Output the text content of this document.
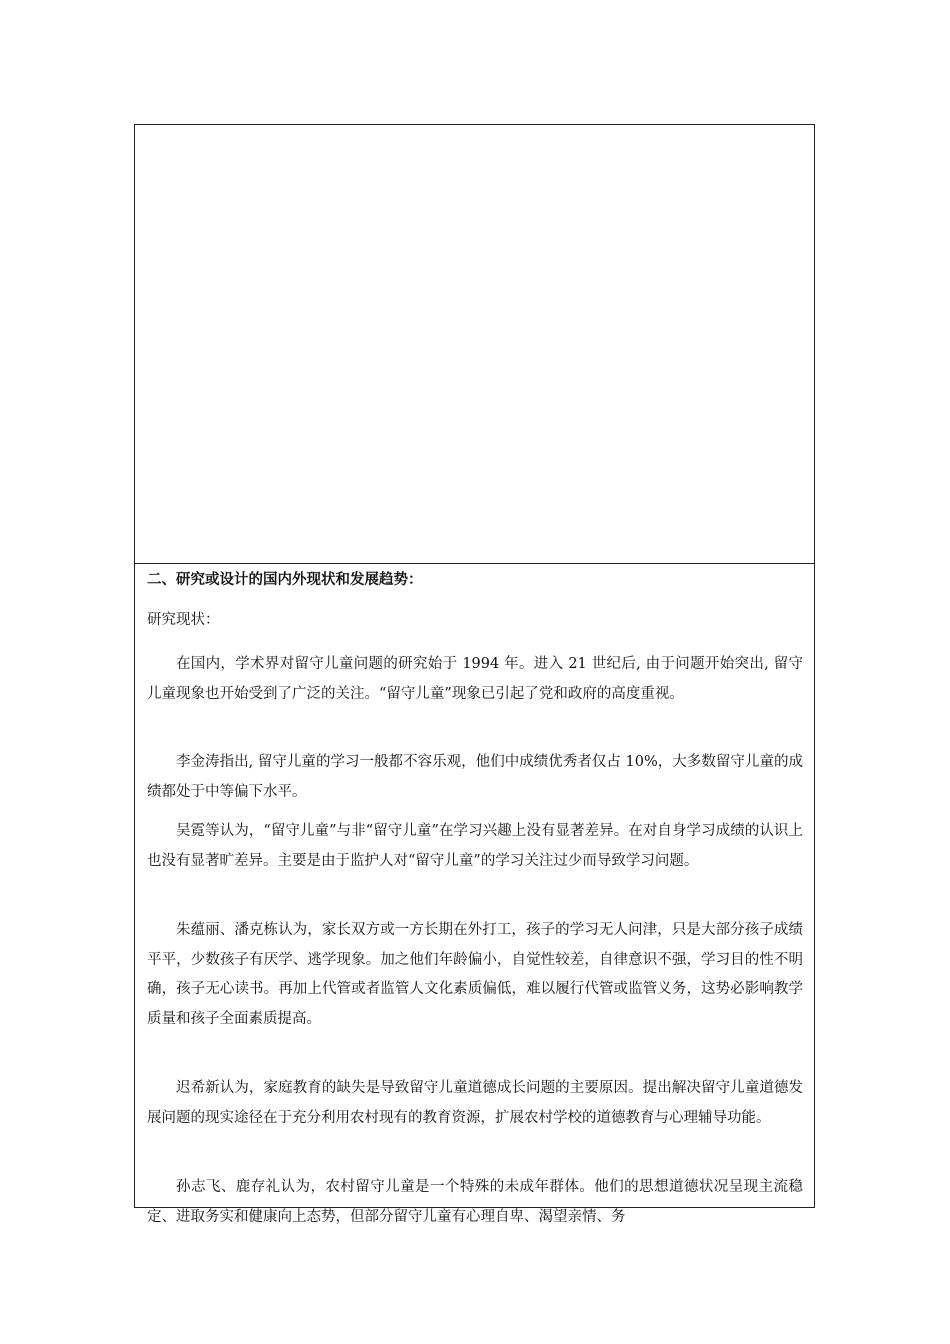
二、研究或设计的国内外现状和发展趋势：

研究现状：

在国内，学术界对留守儿童问题的研究始于 1994 年。进入 21 世纪后, 由于问题开始突出, 留守儿童现象也开始受到了广泛的关注。“留守儿童”现象已引起了党和政府的高度重视。

李金涛指出, 留守儿童的学习一般都不容乐观，他们中成绩优秀者仅占 10%，大多数留守儿童的成绩都处于中等偏下水平。

吴霓等认为，“留守儿童”与非“留守儿童”在学习兴趣上没有显著差异。在对自身学习成绩的认识上也没有显著旷差异。主要是由于监护人对“留守儿童”的学习关注过少而导致学习问题。

朱蕴丽、潘克栋认为，家长双方或一方长期在外打工，孩子的学习无人问津，只是大部分孩子成绩平平，少数孩子有厌学、逃学现象。加之他们年龄偏小，自觉性较差，自律意识不强，学习目的性不明确，孩子无心读书。再加上代管或者监管人文化素质偏低，难以履行代管或监管义务，这势必影响教学质量和孩子全面素质提高。

迟希新认为，家庭教育的缺失是导致留守儿童道德成长问题的主要原因。提出解决留守儿童道德发展问题的现实途径在于充分利用农村现有的教育资源，扩展农村学校的道德教育与心理辅导功能。

孙志飞、鹿存礼认为，农村留守儿童是一个特殊的未成年群体。他们的思想道德状况呈现主流稳定、进取务实和健康向上态势，但部分留守儿童有心理自卑、渴望亲情、务
